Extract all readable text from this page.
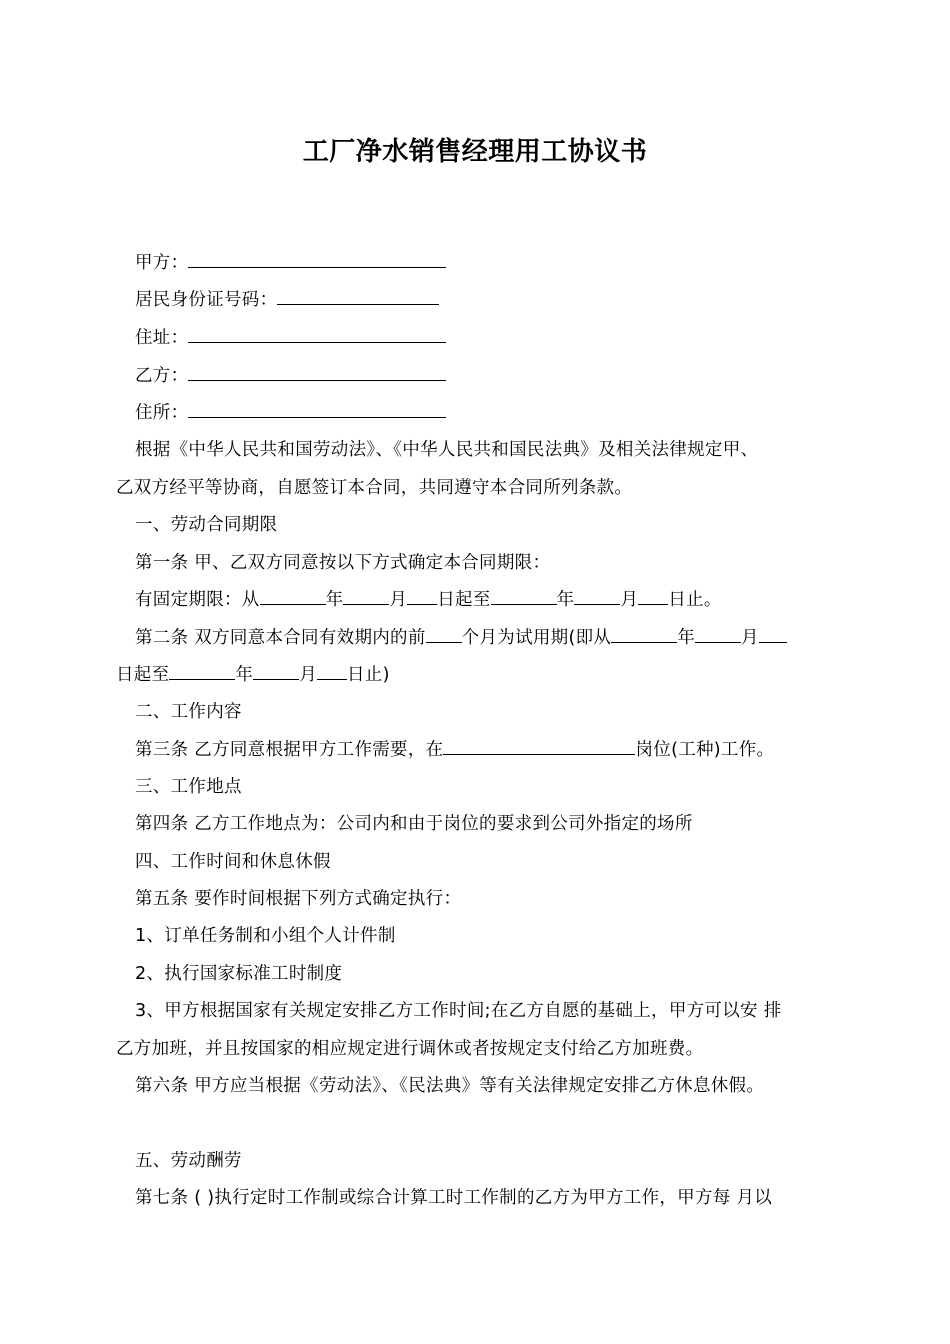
工厂净水销售经理用工协议书
甲方：
居民身份证号码：
住址：
乙方：
住所：
根据《中华人民共和国劳动法》、《中华人民共和国民法典》及相关法律规定甲、
乙双方经平等协商，自愿签订本合同，共同遵守本合同所列条款。
一、劳动合同期限
第一条 甲、乙双方同意按以下方式确定本合同期限：
有固定期限：从	年	月 日起至	年	月 日止。
第二条 双方同意本合同有效期内的前 个月为试用期(即从	年	月
日起至	年	月 日止)
二、工作内容
第三条 乙方同意根据甲方工作需要，在	岗位(工种)工作。
三、工作地点
第四条 乙方工作地点为：公司内和由于岗位的要求到公司外指定的场所
四、工作时间和休息休假
第五条 要作时间根据下列方式确定执行：
1、订单任务制和小组个人计件制
2、执行国家标准工时制度
3、甲方根据国家有关规定安排乙方工作时间;在乙方自愿的基础上，甲方可以安 排
乙方加班，并且按国家的相应规定进行调休或者按规定支付给乙方加班费。
第六条 甲方应当根据《劳动法》、《民法典》等有关法律规定安排乙方休息休假。
五、劳动酬劳
第七条 ( )执行定时工作制或综合计算工时工作制的乙方为甲方工作，甲方每 月以
